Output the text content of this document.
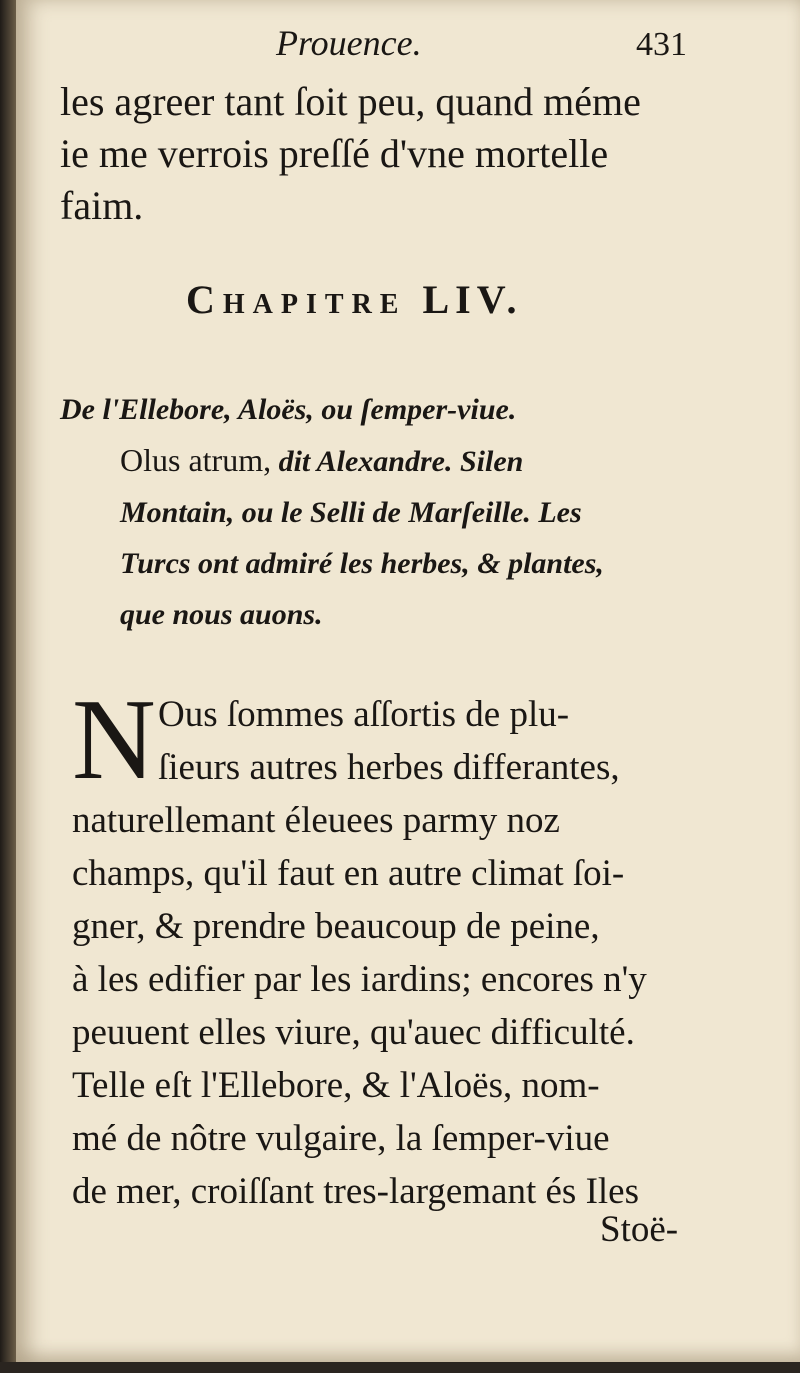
Prouence.	431
les agreer tant ſoit peu, quand méme
ie me verrois preſſé d'vne mortelle
faim.
Chapitre LIV.
De l'Ellebore, Aloës, ou ſemper-viue.
Olus atrum, dit Alexandre. Silen
Montain, ou le Selli de Marſeille. Les
Turcs ont admiré les herbes, & plantes,
que nous auons.
N Ous ſommes aſſortis de plu-
ſieurs autres herbes differantes,
naturellemant éleuees parmy noz
champs, qu'il faut en autre climat ſoi-
gner, & prendre beaucoup de peine,
à les edifier par les iardins; encores n'y
peuuent elles viure, qu'auec difficulté.
Telle eſt l'Ellebore, & l'Aloës, nom-
mé de nôtre vulgaire, la ſemper-viue
de mer, croiſſant tres-largemant és Iles
Stoë-
